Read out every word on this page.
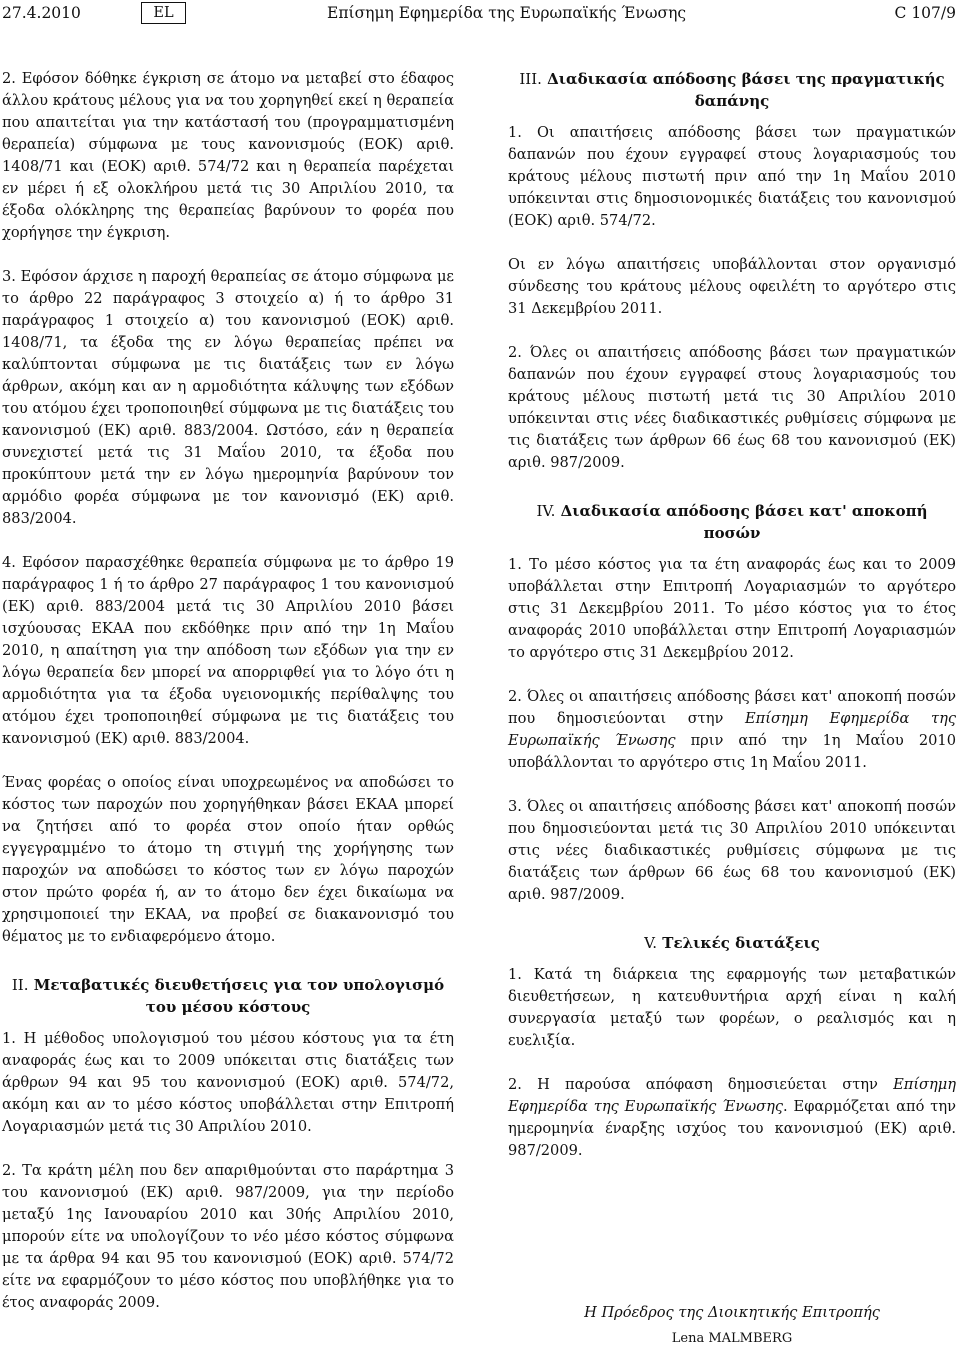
27.4.2010	EL	Επίσημη Εφημερίδα της Ευρωπαϊκής Ένωσης	C 107/9

2. Εφόσον δόθηκε έγκριση σε άτομο να μεταβεί στο έδαφος άλλου κράτους μέλους για να του χορηγηθεί εκεί η θεραπεία που απαιτείται για την κατάστασή του (προγραμματισμένη θεραπεία) σύμφωνα με τους κανονισμούς (ΕΟΚ) αριθ. 1408/71 και (ΕΟΚ) αριθ. 574/72 και η θεραπεία παρέχεται εν μέρει ή εξ ολοκλήρου μετά τις 30 Απριλίου 2010, τα έξοδα ολόκληρης της θεραπείας βαρύνουν το φορέα που χορήγησε την έγκριση.

3. Εφόσον άρχισε η παροχή θεραπείας σε άτομο σύμφωνα με το άρθρο 22 παράγραφος 3 στοιχείο α) ή το άρθρο 31 παράγραφος 1 στοιχείο α) του κανονισμού (ΕΟΚ) αριθ. 1408/71, τα έξοδα της εν λόγω θεραπείας πρέπει να καλύπτονται σύμφωνα με τις διατάξεις των εν λόγω άρθρων, ακόμη και αν η αρμοδιότητα κάλυψης των εξόδων του ατόμου έχει τροποποιηθεί σύμφωνα με τις διατάξεις του κανονισμού (ΕΚ) αριθ. 883/2004. Ωστόσο, εάν η θεραπεία συνεχιστεί μετά τις 31 Μαΐου 2010, τα έξοδα που προκύπτουν μετά την εν λόγω ημερομηνία βαρύνουν τον αρμόδιο φορέα σύμφωνα με τον κανονισμό (ΕΚ) αριθ. 883/2004.

4. Εφόσον παρασχέθηκε θεραπεία σύμφωνα με το άρθρο 19 παράγραφος 1 ή το άρθρο 27 παράγραφος 1 του κανονισμού (ΕΚ) αριθ. 883/2004 μετά τις 30 Απριλίου 2010 βάσει ισχύουσας ΕΚΑΑ που εκδόθηκε πριν από την 1η Μαΐου 2010, η απαίτηση για την απόδοση των εξόδων για την εν λόγω θεραπεία δεν μπορεί να απορριφθεί για το λόγο ότι η αρμοδιότητα για τα έξοδα υγειονομικής περίθαλψης του ατόμου έχει τροποποιηθεί σύμφωνα με τις διατάξεις του κανονισμού (ΕΚ) αριθ. 883/2004.

Ένας φορέας ο οποίος είναι υποχρεωμένος να αποδώσει το κόστος των παροχών που χορηγήθηκαν βάσει ΕΚΑΑ μπορεί να ζητήσει από το φορέα στον οποίο ήταν ορθώς εγγεγραμμένο το άτομο τη στιγμή της χορήγησης των παροχών να αποδώσει το κόστος των εν λόγω παροχών στον πρώτο φορέα ή, αν το άτομο δεν έχει δικαίωμα να χρησιμοποιεί την ΕΚΑΑ, να προβεί σε διακανονισμό του θέματος με το ενδιαφερόμενο άτομο.

II. Μεταβατικές διευθετήσεις για τον υπολογισμό του μέσου κόστους

1. Η μέθοδος υπολογισμού του μέσου κόστους για τα έτη αναφοράς έως και το 2009 υπόκειται στις διατάξεις των άρθρων 94 και 95 του κανονισμού (ΕΟΚ) αριθ. 574/72, ακόμη και αν το μέσο κόστος υποβάλλεται στην Επιτροπή Λογαριασμών μετά τις 30 Απριλίου 2010.

2. Τα κράτη μέλη που δεν απαριθμούνται στο παράρτημα 3 του κανονισμού (ΕΚ) αριθ. 987/2009, για την περίοδο μεταξύ 1ης Ιανουαρίου 2010 και 30ής Απριλίου 2010, μπορούν είτε να υπολογίζουν το νέο μέσο κόστος σύμφωνα με τα άρθρα 94 και 95 του κανονισμού (ΕΟΚ) αριθ. 574/72 είτε να εφαρμόζουν το μέσο κόστος που υποβλήθηκε για το έτος αναφοράς 2009.

III. Διαδικασία απόδοσης βάσει της πραγματικής δαπάνης

1. Οι απαιτήσεις απόδοσης βάσει των πραγματικών δαπανών που έχουν εγγραφεί στους λογαριασμούς του κράτους μέλους πιστωτή πριν από την 1η Μαΐου 2010 υπόκεινται στις δημοσιονομικές διατάξεις του κανονισμού (ΕΟΚ) αριθ. 574/72.

Οι εν λόγω απαιτήσεις υποβάλλονται στον οργανισμό σύνδεσης του κράτους μέλους οφειλέτη το αργότερο στις 31 Δεκεμβρίου 2011.

2. Όλες οι απαιτήσεις απόδοσης βάσει των πραγματικών δαπανών που έχουν εγγραφεί στους λογαριασμούς του κράτους μέλους πιστωτή μετά τις 30 Απριλίου 2010 υπόκεινται στις νέες διαδικαστικές ρυθμίσεις σύμφωνα με τις διατάξεις των άρθρων 66 έως 68 του κανονισμού (ΕΚ) αριθ. 987/2009.

IV. Διαδικασία απόδοσης βάσει κατ' αποκοπή ποσών

1. Το μέσο κόστος για τα έτη αναφοράς έως και το 2009 υποβάλλεται στην Επιτροπή Λογαριασμών το αργότερο στις 31 Δεκεμβρίου 2011. Το μέσο κόστος για το έτος αναφοράς 2010 υποβάλλεται στην Επιτροπή Λογαριασμών το αργότερο στις 31 Δεκεμβρίου 2012.

2. Όλες οι απαιτήσεις απόδοσης βάσει κατ' αποκοπή ποσών που δημοσιεύονται στην Επίσημη Εφημερίδα της Ευρωπαϊκής Ένωσης πριν από την 1η Μαΐου 2010 υποβάλλονται το αργότερο στις 1η Μαΐου 2011.

3. Όλες οι απαιτήσεις απόδοσης βάσει κατ' αποκοπή ποσών που δημοσιεύονται μετά τις 30 Απριλίου 2010 υπόκεινται στις νέες διαδικαστικές ρυθμίσεις σύμφωνα με τις διατάξεις των άρθρων 66 έως 68 του κανονισμού (ΕΚ) αριθ. 987/2009.

V. Τελικές διατάξεις

1. Κατά τη διάρκεια της εφαρμογής των μεταβατικών διευθετήσεων, η κατευθυντήρια αρχή είναι η καλή συνεργασία μεταξύ των φορέων, ο ρεαλισμός και η ευελιξία.

2. Η παρούσα απόφαση δημοσιεύεται στην Επίσημη Εφημερίδα της Ευρωπαϊκής Ένωσης. Εφαρμόζεται από την ημερομηνία έναρξης ισχύος του κανονισμού (ΕΚ) αριθ. 987/2009.

Η Πρόεδρος της Διοικητικής Επιτροπής
Lena MALMBERG
